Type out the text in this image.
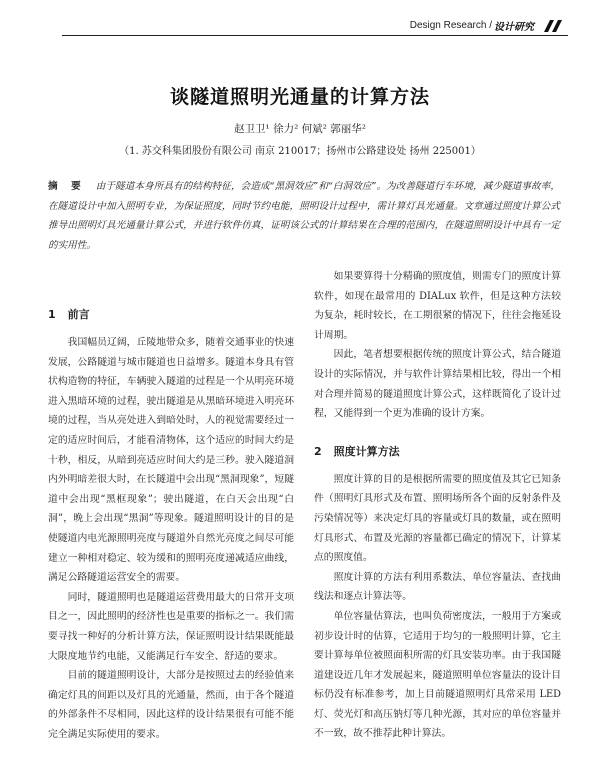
Design Research / 设计研究
谈隧道照明光通量的计算方法
赵卫卫¹ 徐力² 何斌² 郭丽华²
（1. 苏交科集团股份有限公司 南京 210017；扬州市公路建设处 扬州 225001）
摘 要 由于隧道本身所具有的结构特征，会造成“黑洞效应”和“白洞效应”。为改善隧道行车环境，减少隧道事故率，在隧道设计中加入照明专业，为保证照度，同时节约电能，照明设计过程中，需计算灯具光通量。文章通过照度计算公式推导出照明灯具光通量计算公式，并进行软件仿真，证明该公式的计算结果在合理的范围内，在隧道照明设计中具有一定的实用性。
1 前言

我国幅员辽阔，丘陵地带众多，随着交通事业的快速发展，公路隧道与城市隧道也日益增多。隧道本身具有管状构造物的特征，车辆驶入隧道的过程是一个从明亮环境进入黑暗环境的过程，驶出隧道是从黑暗环境进入明亮环境的过程，当从亮处进入到暗处时，人的视觉需要经过一定的适应时间后，才能看清物体，这个适应的时间大约是十秒，相反，从暗到亮适应时间大约是三秒。驶入隧道洞内外明暗差很大时，在长隧道中会出现“黑洞现象”，短隧道中会出现“黑框现象”；驶出隧道，在白天会出现“白洞”，晚上会出现“黑洞”等现象。隧道照明设计的目的是使隧道内电光源照明亮度与隧道外自然光亮度之间尽可能建立一种相对稳定、较为缓和的照明亮度递减适应曲线，满足公路隧道运营安全的需要。

同时，隧道照明也是隧道运营费用最大的日常开支项目之一，因此照明的经济性也是重要的指标之一。我们需要寻找一种好的分析计算方法，保证照明设计结果既能最大限度地节约电能，又能满足行车安全、舒适的要求。

目前的隧道照明设计，大部分是按照过去的经验值来确定灯具的间距以及灯具的光通量，然而，由于各个隧道的外部条件不尽相同，因此这样的设计结果很有可能不能完全满足实际使用的要求。

如果要算得十分精确的照度值，则需专门的照度计算软件，如现在最常用的 DIALux 软件，但是这种方法较为复杂，耗时较长，在工期很紧的情况下，往往会拖延设计周期。

因此，笔者想要根据传统的照度计算公式，结合隧道设计的实际情况，并与软件计算结果相比较，得出一个相对合理并简易的隧道照度计算公式，这样既简化了设计过程，又能得到一个更为准确的设计方案。

2 照度计算方法

照度计算的目的是根据所需要的照度值及其它已知条件（照明灯具形式及布置、照明场所各个面的反射条件及污染情况等）来决定灯具的容量或灯具的数量，或在照明灯具形式、布置及光源的容量都已确定的情况下，计算某点的照度值。

照度计算的方法有利用系数法、单位容量法、查找曲线法和逐点计算法等。

单位容量估算法，也叫负荷密度法，一般用于方案或初步设计时的估算，它适用于均匀的一般照明计算，它主要计算每单位被照面积所需的灯具安装功率。由于我国隧道建设近几年才发展起来，隧道照明单位容量法的设计目标仍没有标准参考，加上目前隧道照明灯具常采用 LED 灯、荧光灯和高压钠灯等几种光源，其对应的单位容量并不一致，故不推荐此种计算法。
